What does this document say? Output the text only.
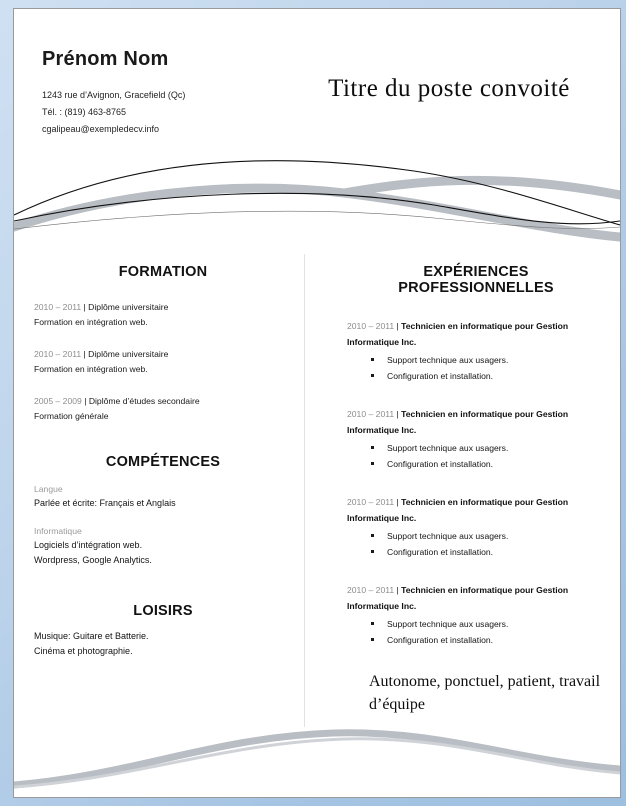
Prénom Nom
1243 rue d’Avignon, Gracefield (Qc)
Tél. : (819) 463-8765
cgalipeau@exempledecv.info
Titre du poste convoité
FORMATION
2010 – 2011 | Diplôme universitaire
Formation en intégration web.
2010 – 2011 | Diplôme universitaire
Formation en intégration web.
2005 – 2009 | Diplôme d’études secondaire
Formation générale
COMPÉTENCES
Langue
Parlée et écrite: Français et Anglais
Informatique
Logiciels d’intégration web.
Wordpress, Google Analytics.
LOISIRS
Musique: Guitare et Batterie.
Cinéma et photographie.
EXPÉRIENCES PROFESSIONNELLES
2010 – 2011 | Technicien en informatique pour Gestion Informatique Inc.
Support technique aux usagers.
Configuration et installation.
2010 – 2011 | Technicien en informatique pour Gestion Informatique Inc.
Support technique aux usagers.
Configuration et installation.
2010 – 2011 | Technicien en informatique pour Gestion Informatique Inc.
Support technique aux usagers.
Configuration et installation.
2010 – 2011 | Technicien en informatique pour Gestion Informatique Inc.
Support technique aux usagers.
Configuration et installation.
Autonome, ponctuel, patient, travail d’équipe
